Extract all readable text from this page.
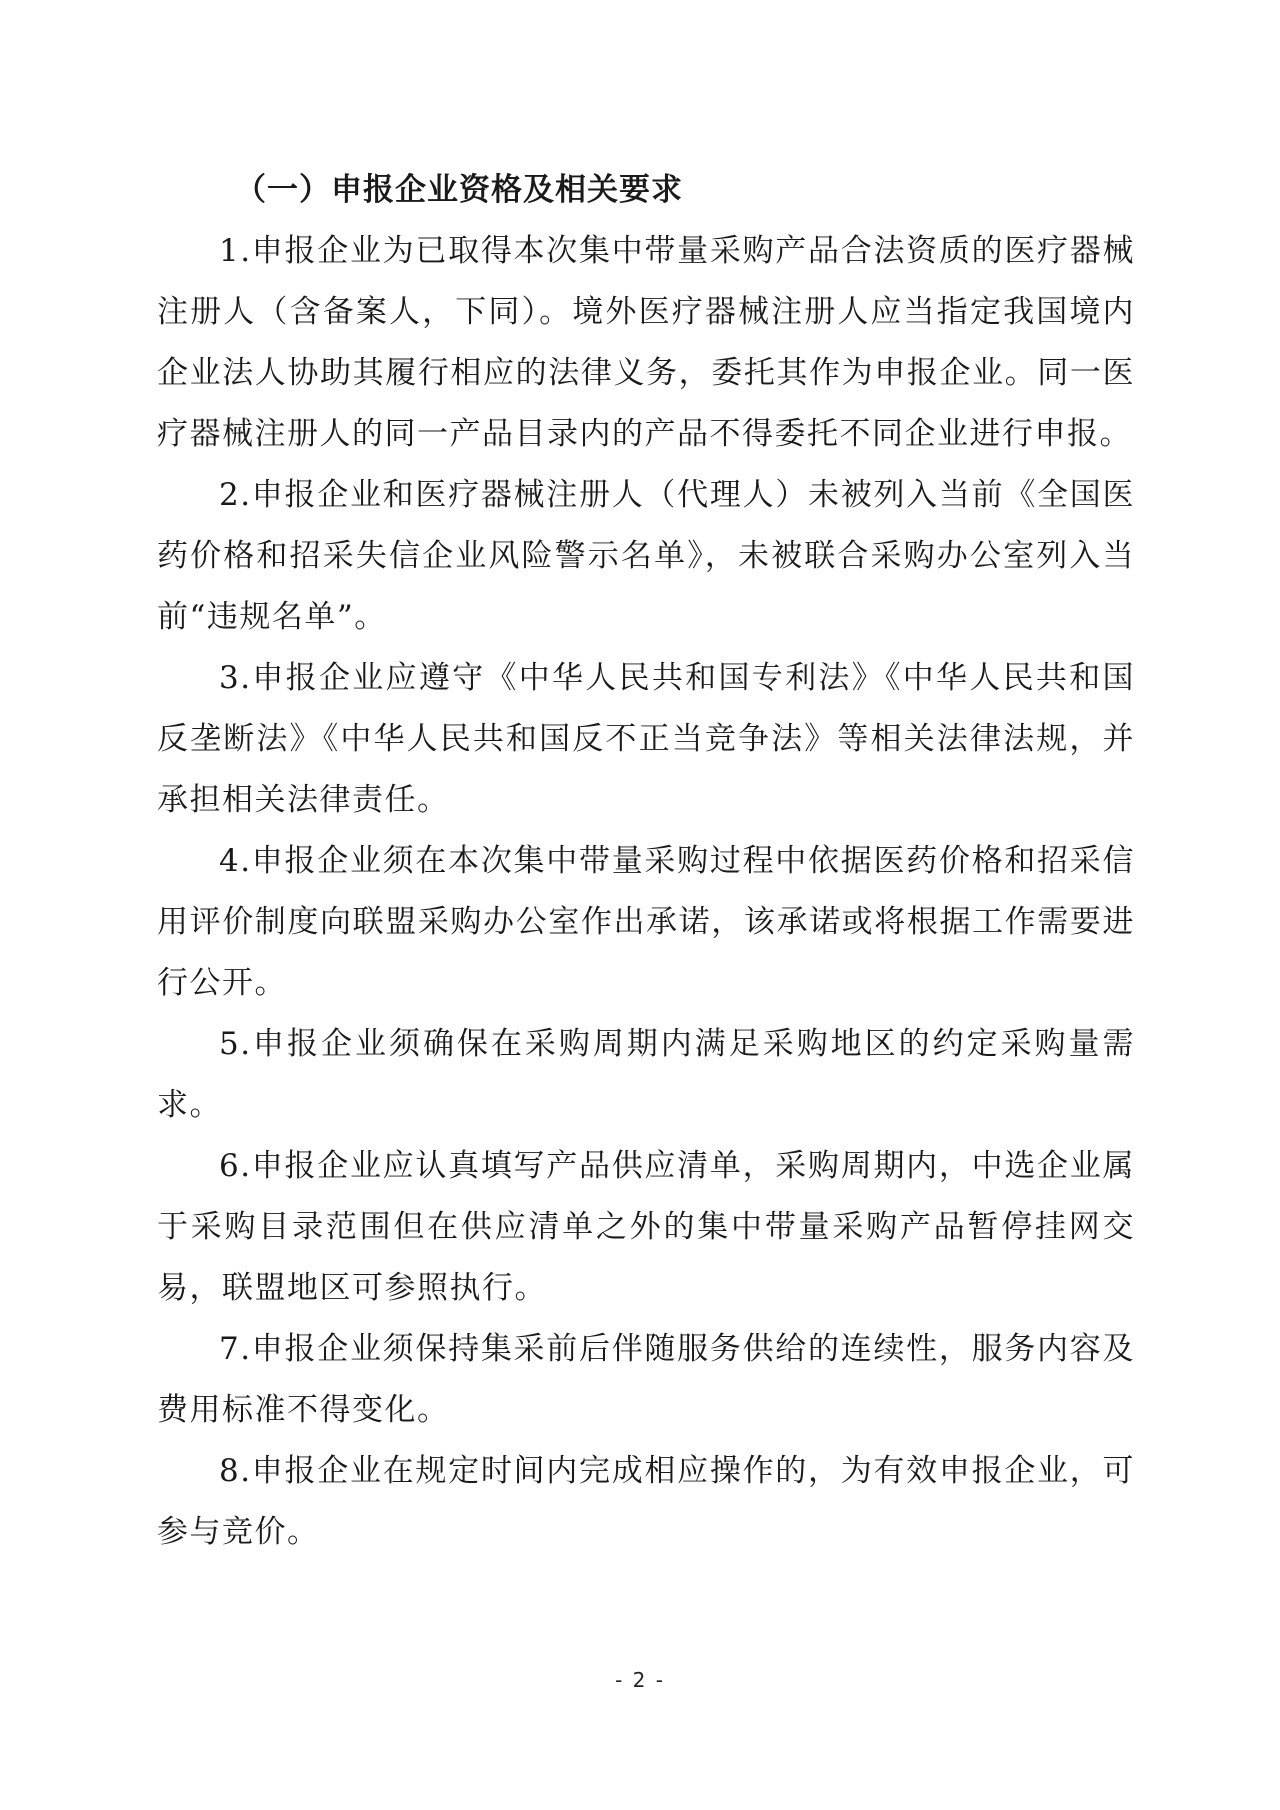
（一）申报企业资格及相关要求

1.申报企业为已取得本次集中带量采购产品合法资质的医疗器械注册人（含备案人，下同）。境外医疗器械注册人应当指定我国境内企业法人协助其履行相应的法律义务，委托其作为申报企业。同一医疗器械注册人的同一产品目录内的产品不得委托不同企业进行申报。

2.申报企业和医疗器械注册人（代理人）未被列入当前《全国医药价格和招采失信企业风险警示名单》，未被联合采购办公室列入当前“违规名单”。

3.申报企业应遵守《中华人民共和国专利法》《中华人民共和国反垄断法》《中华人民共和国反不正当竞争法》等相关法律法规，并承担相关法律责任。

4.申报企业须在本次集中带量采购过程中依据医药价格和招采信用评价制度向联盟采购办公室作出承诺，该承诺或将根据工作需要进行公开。

5.申报企业须确保在采购周期内满足采购地区的约定采购量需求。

6.申报企业应认真填写产品供应清单，采购周期内，中选企业属于采购目录范围但在供应清单之外的集中带量采购产品暂停挂网交易，联盟地区可参照执行。

7.申报企业须保持集采前后伴随服务供给的连续性，服务内容及费用标准不得变化。

8.申报企业在规定时间内完成相应操作的，为有效申报企业，可参与竞价。

- 2 -
